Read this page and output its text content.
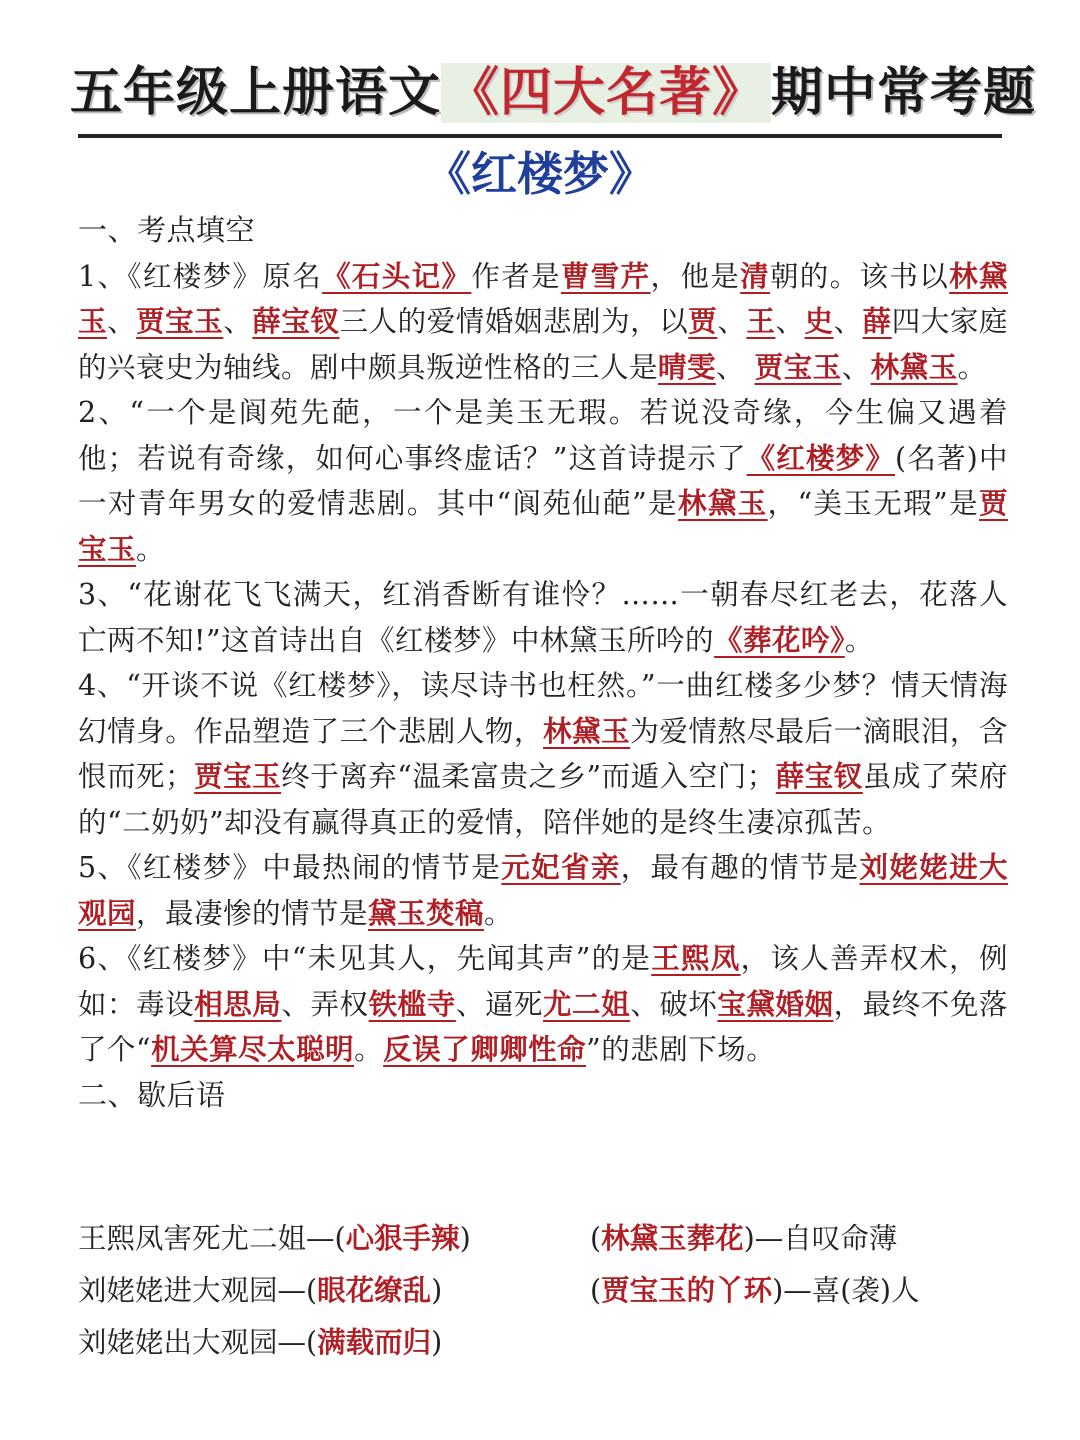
五年级上册语文 《四大名著》 期中常考题
《红楼梦》

一、考点填空

1、《红楼梦》原名《石头记》作者是曹雪芹，他是清朝的。该书以林黛玉、贾宝玉、薛宝钗三人的爱情婚姻悲剧为，以贾、王、史、薛四大家庭的兴衰史为轴线。剧中颇具叛逆性格的三人是晴雯、 贾宝玉、林黛玉。

2、“一个是阆苑先葩，一个是美玉无瑕。若说没奇缘，今生偏又遇着他；若说有奇缘，如何心事终虚话？”这首诗提示了《红楼梦》(名著)中一对青年男女的爱情悲剧。其中“阆苑仙葩”是林黛玉，“美玉无瑕”是贾宝玉。

3、“花谢花飞飞满天，红消香断有谁怜？……一朝春尽红老去，花落人亡两不知!”这首诗出自《红楼梦》中林黛玉所吟的《葬花吟》。

4、“开谈不说《红楼梦》，读尽诗书也枉然。”一曲红楼多少梦？情天情海幻情身。作品塑造了三个悲剧人物，林黛玉为爱情熬尽最后一滴眼泪，含恨而死；贾宝玉终于离弃“温柔富贵之乡”而遁入空门；薛宝钗虽成了荣府的“二奶奶”却没有赢得真正的爱情，陪伴她的是终生凄凉孤苦。

5、《红楼梦》中最热闹的情节是元妃省亲，最有趣的情节是刘姥姥进大观园，最凄惨的情节是黛玉焚稿。

6、《红楼梦》中“未见其人，先闻其声”的是王熙凤，该人善弄权术，例如：毒设相思局、弄权铁槛寺、逼死尤二姐、破坏宝黛婚姻，最终不免落了个“机关算尽太聪明。反误了卿卿性命”的悲剧下场。

二、歇后语

王熙凤害死尤二姐—(心狠手辣)	(林黛玉葬花)—自叹命薄
刘姥姥进大观园—(眼花缭乱)	(贾宝玉的丫环)—喜(袭)人
刘姥姥出大观园—(满载而归)
